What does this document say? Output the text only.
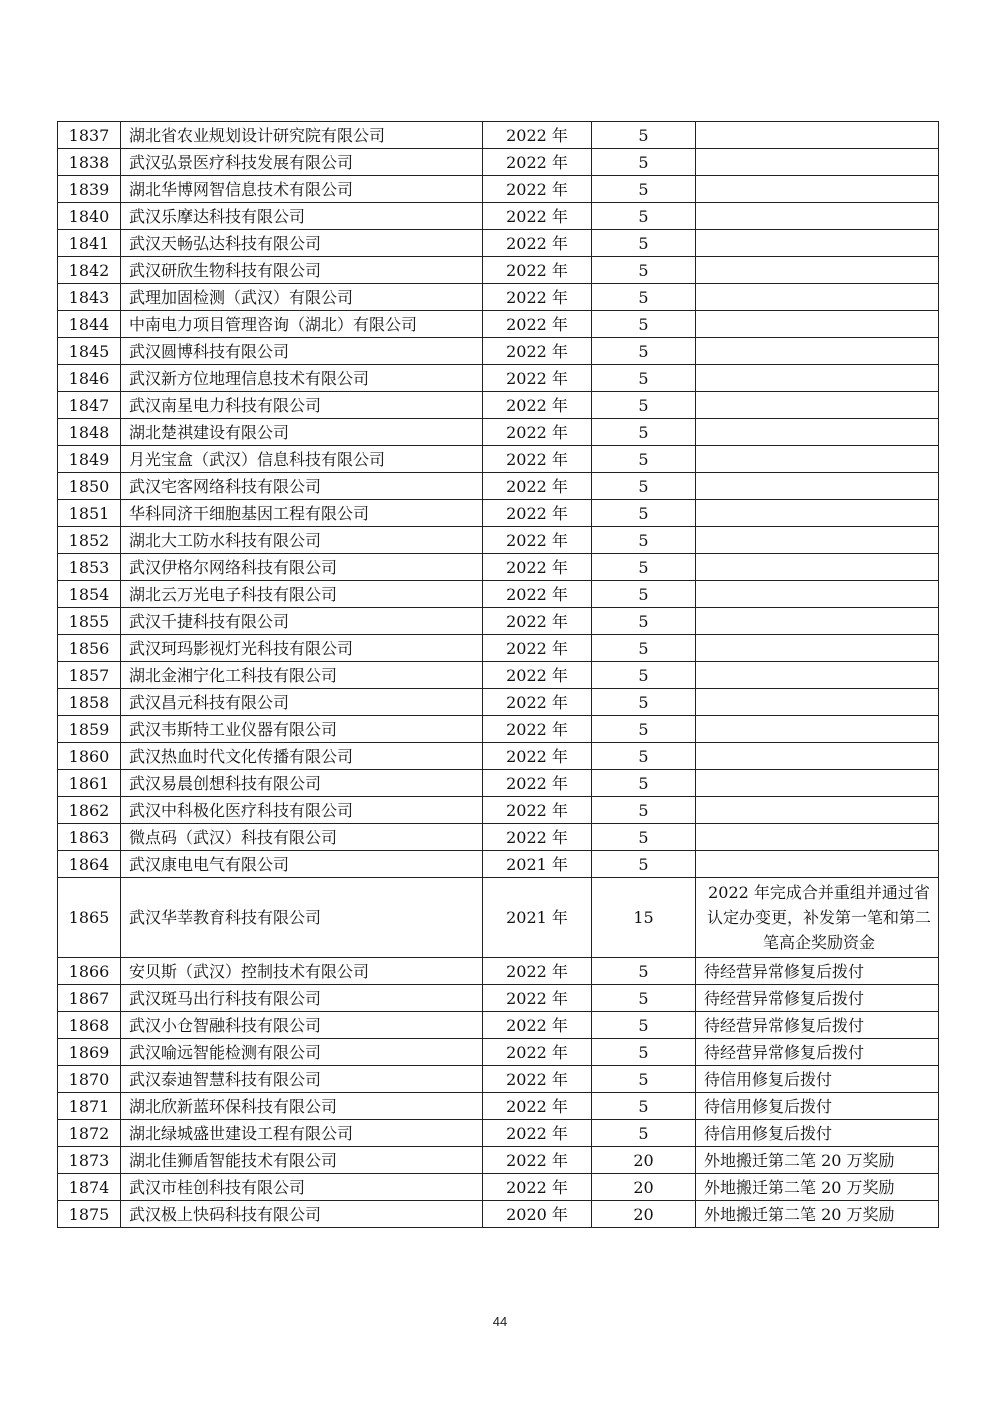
1837	湖北省农业规划设计研究院有限公司	2022 年	5	
1838	武汉弘景医疗科技发展有限公司	2022 年	5	
1839	湖北华博网智信息技术有限公司	2022 年	5	
1840	武汉乐摩达科技有限公司	2022 年	5	
1841	武汉天畅弘达科技有限公司	2022 年	5	
1842	武汉研欣生物科技有限公司	2022 年	5	
1843	武理加固检测（武汉）有限公司	2022 年	5	
1844	中南电力项目管理咨询（湖北）有限公司	2022 年	5	
1845	武汉圆博科技有限公司	2022 年	5	
1846	武汉新方位地理信息技术有限公司	2022 年	5	
1847	武汉南星电力科技有限公司	2022 年	5	
1848	湖北楚祺建设有限公司	2022 年	5	
1849	月光宝盒（武汉）信息科技有限公司	2022 年	5	
1850	武汉宅客网络科技有限公司	2022 年	5	
1851	华科同济干细胞基因工程有限公司	2022 年	5	
1852	湖北大工防水科技有限公司	2022 年	5	
1853	武汉伊格尔网络科技有限公司	2022 年	5	
1854	湖北云万光电子科技有限公司	2022 年	5	
1855	武汉千捷科技有限公司	2022 年	5	
1856	武汉珂玛影视灯光科技有限公司	2022 年	5	
1857	湖北金湘宁化工科技有限公司	2022 年	5	
1858	武汉昌元科技有限公司	2022 年	5	
1859	武汉韦斯特工业仪器有限公司	2022 年	5	
1860	武汉热血时代文化传播有限公司	2022 年	5	
1861	武汉易晨创想科技有限公司	2022 年	5	
1862	武汉中科极化医疗科技有限公司	2022 年	5	
1863	微点码（武汉）科技有限公司	2022 年	5	
1864	武汉康电电气有限公司	2021 年	5	
1865	武汉华莘教育科技有限公司	2021 年	15	2022 年完成合并重组并通过省认定办变更，补发第一笔和第二笔高企奖励资金
1866	安贝斯（武汉）控制技术有限公司	2022 年	5	待经营异常修复后拨付
1867	武汉斑马出行科技有限公司	2022 年	5	待经营异常修复后拨付
1868	武汉小仓智融科技有限公司	2022 年	5	待经营异常修复后拨付
1869	武汉喻远智能检测有限公司	2022 年	5	待经营异常修复后拨付
1870	武汉泰迪智慧科技有限公司	2022 年	5	待信用修复后拨付
1871	湖北欣新蓝环保科技有限公司	2022 年	5	待信用修复后拨付
1872	湖北绿城盛世建设工程有限公司	2022 年	5	待信用修复后拨付
1873	湖北佳狮盾智能技术有限公司	2022 年	20	外地搬迁第二笔 20 万奖励
1874	武汉市桂创科技有限公司	2022 年	20	外地搬迁第二笔 20 万奖励
1875	武汉极上快码科技有限公司	2020 年	20	外地搬迁第二笔 20 万奖励
44
